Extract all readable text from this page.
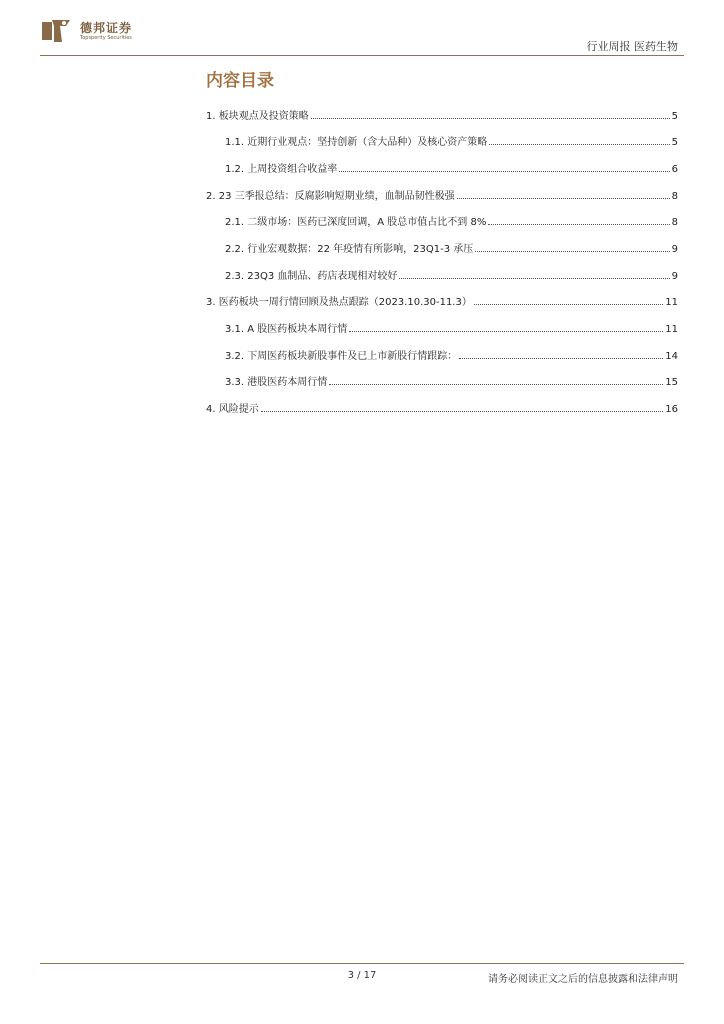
德邦证券
Topsperity Securities
行业周报 医药生物
内容目录
1. 板块观点及投资策略	5
1.1. 近期行业观点：坚持创新（含大品种）及核心资产策略	5
1.2. 上周投资组合收益率	6
2. 23 三季报总结：反腐影响短期业绩，血制品韧性极强	8
2.1. 二级市场：医药已深度回调，A 股总市值占比不到 8%	8
2.2. 行业宏观数据：22 年疫情有所影响，23Q1-3 承压	9
2.3. 23Q3 血制品、药店表现相对较好	9
3. 医药板块一周行情回顾及热点跟踪（2023.10.30-11.3）	11
3.1. A 股医药板块本周行情	11
3.2. 下周医药板块新股事件及已上市新股行情跟踪：	14
3.3. 港股医药本周行情	15
4. 风险提示	16
3 / 17	请务必阅读正文之后的信息披露和法律声明
